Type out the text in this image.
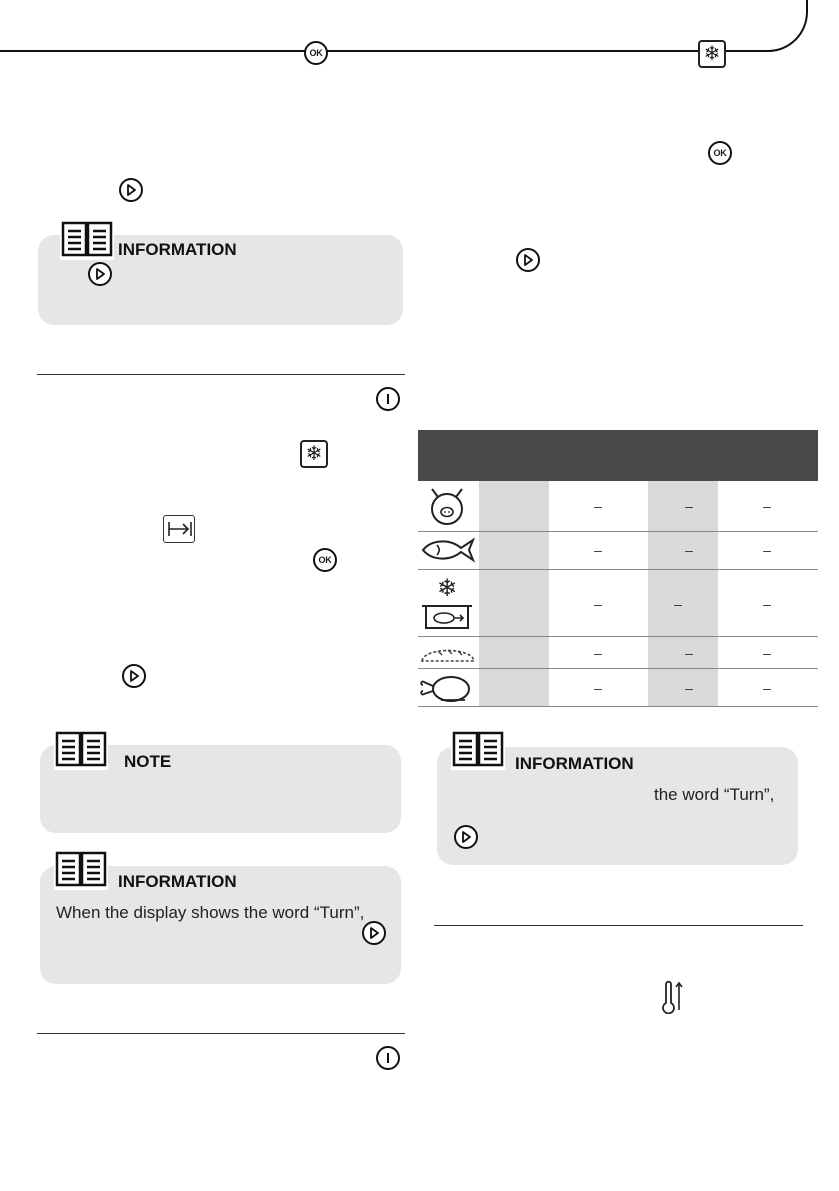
OK
INFORMATION
❄
OK
NOTE
INFORMATION
When the display shows the word “Turn”,
❄
OK
❄
–	–	–
–	–	–
–	–	–
–	–	–
–	–	–
INFORMATION
the word “Turn”,
